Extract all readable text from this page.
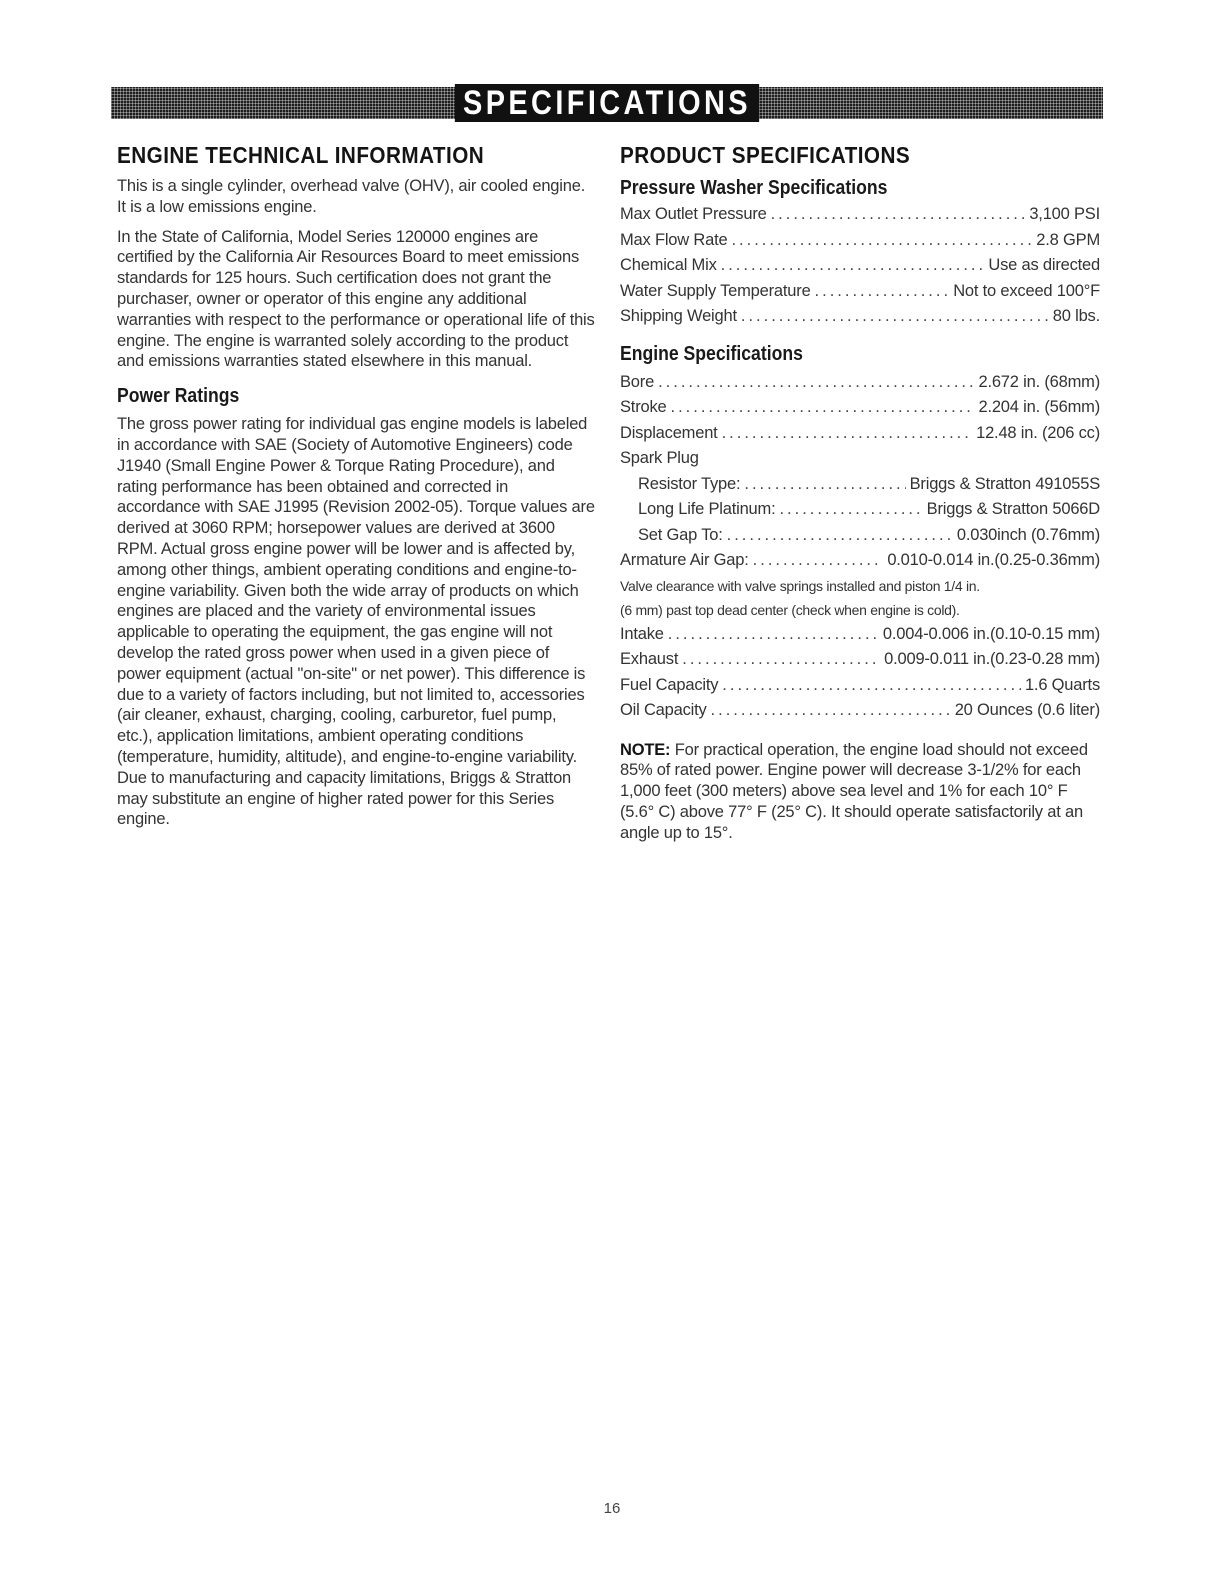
SPECIFICATIONS
ENGINE TECHNICAL INFORMATION

This is a single cylinder, overhead valve (OHV), air cooled engine. It is a low emissions engine.

In the State of California, Model Series 120000 engines are certified by the California Air Resources Board to meet emissions standards for 125 hours. Such certification does not grant the purchaser, owner or operator of this engine any additional warranties with respect to the performance or operational life of this engine. The engine is warranted solely according to the product and emissions warranties stated elsewhere in this manual.

Power Ratings

The gross power rating for individual gas engine models is labeled in accordance with SAE (Society of Automotive Engineers) code J1940 (Small Engine Power & Torque Rating Procedure), and rating performance has been obtained and corrected in accordance with SAE J1995 (Revision 2002-05). Torque values are derived at 3060 RPM; horsepower values are derived at 3600 RPM. Actual gross engine power will be lower and is affected by, among other things, ambient operating conditions and engine-to-engine variability. Given both the wide array of products on which engines are placed and the variety of environmental issues applicable to operating the equipment, the gas engine will not develop the rated gross power when used in a given piece of power equipment (actual "on-site" or net power). This difference is due to a variety of factors including, but not limited to, accessories (air cleaner, exhaust, charging, cooling, carburetor, fuel pump, etc.), application limitations, ambient operating conditions (temperature, humidity, altitude), and engine-to-engine variability. Due to manufacturing and capacity limitations, Briggs & Stratton may substitute an engine of higher rated power for this Series engine.

PRODUCT SPECIFICATIONS
Pressure Washer Specifications
Max Outlet Pressure .....	3,100 PSI
Max Flow Rate .....	2.8 GPM
Chemical Mix .....	Use as directed
Water Supply Temperature .....	Not to exceed 100°F
Shipping Weight .....	80 lbs.
Engine Specifications
Bore .....	2.672 in. (68mm)
Stroke .....	2.204 in. (56mm)
Displacement .....	12.48 in. (206 cc)
Spark Plug
Resistor Type: .....	Briggs & Stratton 491055S
Long Life Platinum: .....	Briggs & Stratton 5066D
Set Gap To: .....	0.030inch (0.76mm)
Armature Air Gap: .....	0.010-0.014 in.(0.25-0.36mm)
Valve clearance with valve springs installed and piston 1/4 in.
(6 mm) past top dead center (check when engine is cold).
Intake .....	0.004-0.006 in.(0.10-0.15 mm)
Exhaust .....	0.009-0.011 in.(0.23-0.28 mm)
Fuel Capacity .....	1.6 Quarts
Oil Capacity .....	20 Ounces (0.6 liter)
NOTE: For practical operation, the engine load should not exceed 85% of rated power. Engine power will decrease 3-1/2% for each 1,000 feet (300 meters) above sea level and 1% for each 10° F (5.6° C) above 77° F (25° C). It should operate satisfactorily at an angle up to 15°.
16
